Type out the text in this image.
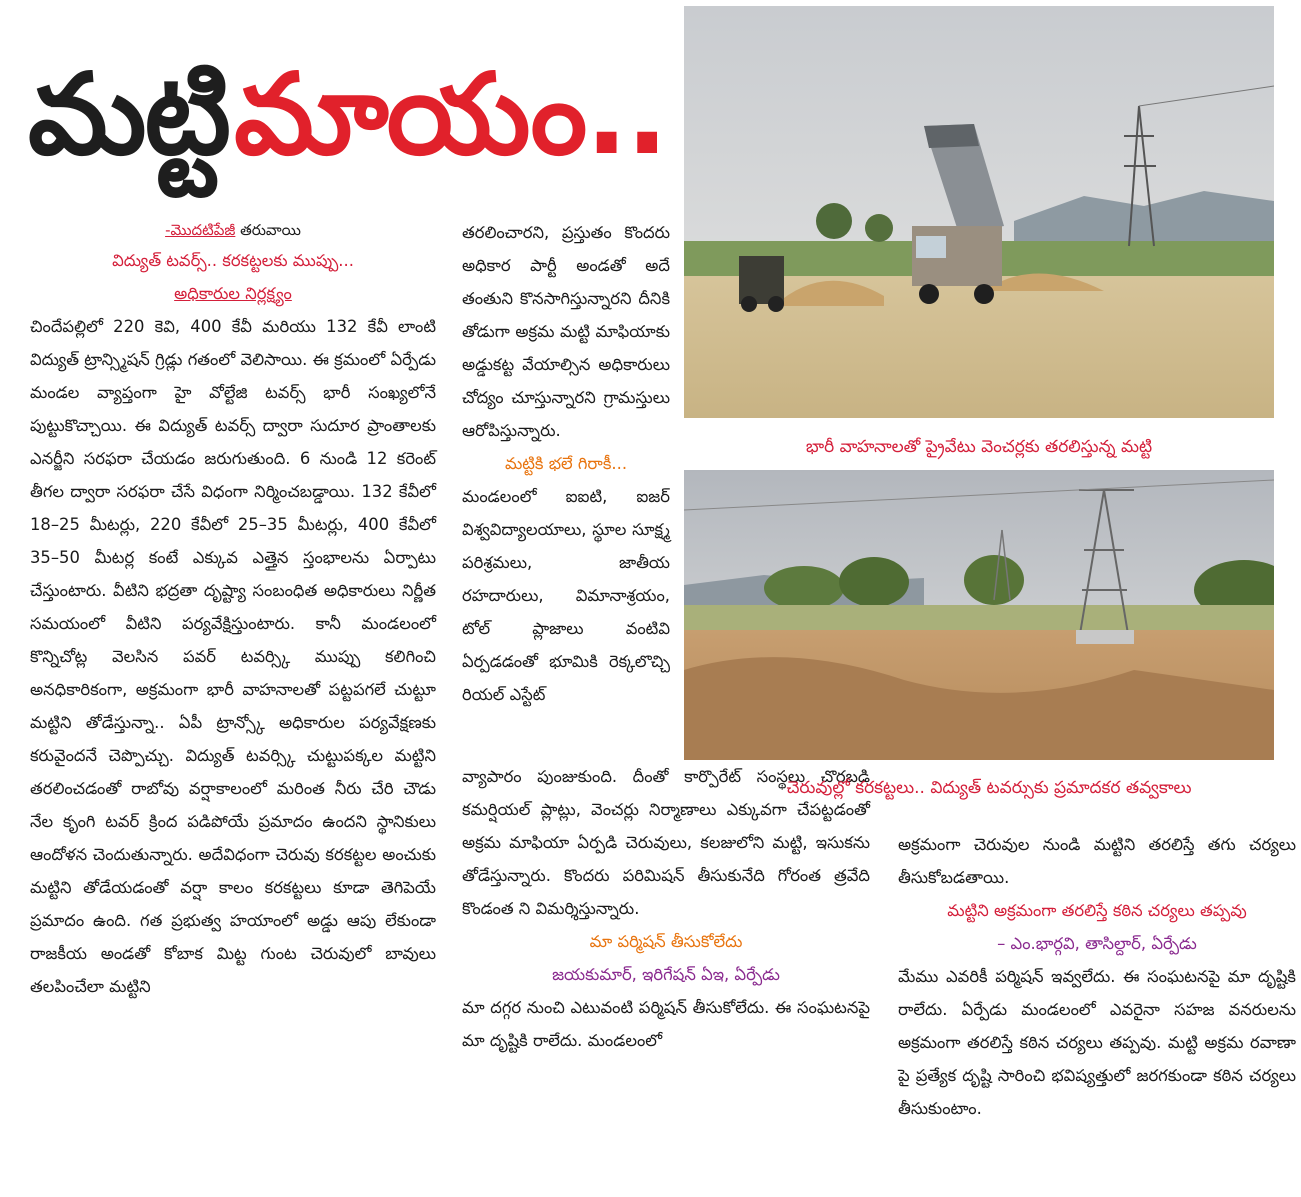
మట్టి మాయం..
-మొదటిపేజీ తరువాయి

విద్యుత్ టవర్స్.. కరకట్టలకు ముప్పు...

అధికారుల నిర్లక్ష్యం

చిందేపల్లిలో 220 కెవి, 400 కేవీ మరియు 132 కేవీ లాంటి విద్యుత్ ట్రాన్స్మిషన్ గ్రిడ్లు గతంలో వెలిసాయి. ఈ క్రమంలో ఏర్పేడు మండల వ్యాప్తంగా హై వోల్టేజి టవర్స్ భారీ సంఖ్యలోనే పుట్టుకొచ్చాయి. ఈ విద్యుత్ టవర్స్ ద్వారా సుదూర ప్రాంతాలకు ఎనర్జీని సరఫరా చేయడం జరుగుతుంది. 6 నుండి 12 కరెంట్ తీగల ద్వారా సరఫరా చేసే విధంగా నిర్మించబడ్డాయి. 132 కేవీలో 18–25 మీటర్లు, 220 కేవీలో 25–35 మీటర్లు, 400 కేవీలో 35–50 మీటర్ల కంటే ఎక్కువ ఎత్తైన స్తంభాలను ఏర్పాటు చేస్తుంటారు. వీటిని భద్రతా దృష్ట్యా సంబంధిత అధికారులు నిర్ణీత సమయంలో వీటిని పర్యవేక్షిస్తుంటారు. కానీ మండలంలో కొన్నిచోట్ల వెలసిన పవర్ టవర్స్కి ముప్పు కలిగించి అనధికారికంగా, అక్రమంగా భారీ వాహనాలతో పట్టపగలే చుట్టూ మట్టిని తోడేస్తున్నా.. ఏపీ ట్రాన్స్కో అధికారుల పర్యవేక్షణకు కరువైందనే చెప్పొచ్చు. విద్యుత్ టవర్స్కి చుట్టుపక్కల మట్టిని తరలించడంతో రాబోవు వర్షాకాలంలో మరింత నీరు చేరి చౌడు నేల కృంగి టవర్ క్రింద పడిపోయే ప్రమాదం ఉందని స్థానికులు ఆందోళన చెందుతున్నారు. అదేవిధంగా చెరువు కరకట్టల అంచుకు మట్టిని తోడేయడంతో వర్షా కాలం కరకట్టలు కూడా తెగిపెయే ప్రమాదం ఉంది. గత ప్రభుత్వ హయాంలో అడ్డు ఆపు లేకుండా రాజకీయ అండతో కోబాక మిట్ట గుంట చెరువులో బావులు తలపించేలా మట్టిని

తరలించారని, ప్రస్తుతం కొందరు అధికార పార్టీ అండతో అదే తంతుని కొనసాగిస్తున్నారని దీనికి తోడుగా అక్రమ మట్టి మాఫియాకు అడ్డుకట్ట వేయాల్సిన అధికారులు చోద్యం చూస్తున్నారని గ్రామస్తులు ఆరోపిస్తున్నారు.

మట్టికి భలే గిరాకీ...

మండలంలో ఐఐటి, ఐజర్ విశ్వవిద్యాలయాలు, స్థూల సూక్ష్మ పరిశ్రమలు, జాతీయ రహదారులు, విమానాశ్రయం, టోల్ ప్లాజాలు వంటివి ఏర్పడడంతో భూమికి రెక్కలొచ్చి రియల్ ఎస్టేట్

వ్యాపారం పుంజుకుంది. దీంతో కార్పొరేట్ సంస్థలు చొరబడి కమర్షియల్ ప్లాట్లు, వెంచర్లు నిర్మాణాలు ఎక్కువగా చేపట్టడంతో అక్రమ మాఫియా ఏర్పడి చెరువులు, కలజులోని మట్టి, ఇసుకను తోడేస్తున్నారు. కొందరు పరిమిషన్ తీసుకునేది గోరంత త్రవేది కొండంత ని విమర్శిస్తున్నారు.

మా పర్మిషన్ తీసుకోలేదు

జయకుమార్, ఇరిగేషన్ ఏఇ, ఏర్పేడు

మా దగ్గర నుంచి ఎటువంటి పర్మిషన్ తీసుకోలేదు. ఈ సంఘటనపై మా దృష్టికి రాలేదు. మండలంలో

భారీ వాహనాలతో ప్రైవేటు వెంచర్లకు తరలిస్తున్న మట్టి
చెరువుల్లో కరకట్టలు.. విద్యుత్ టవర్సుకు ప్రమాదకర తవ్వకాలు

అక్రమంగా చెరువుల నుండి మట్టిని తరలిస్తే తగు చర్యలు తీసుకోబడతాయి.

మట్టిని అక్రమంగా తరలిస్తే కఠిన చర్యలు తప్పవు

– ఎం.భార్గవి, తాసిల్దార్, ఏర్పేడు

మేము ఎవరికీ పర్మిషన్ ఇవ్వలేదు. ఈ సంఘటనపై మా దృష్టికి రాలేదు. ఏర్పేడు మండలంలో ఎవరైనా సహజ వనరులను అక్రమంగా తరలిస్తే కఠిన చర్యలు తప్పవు. మట్టి అక్రమ రవాణా పై ప్రత్యేక దృష్టి సారించి భవిష్యత్తులో జరగకుండా కఠిన చర్యలు తీసుకుంటాం.
